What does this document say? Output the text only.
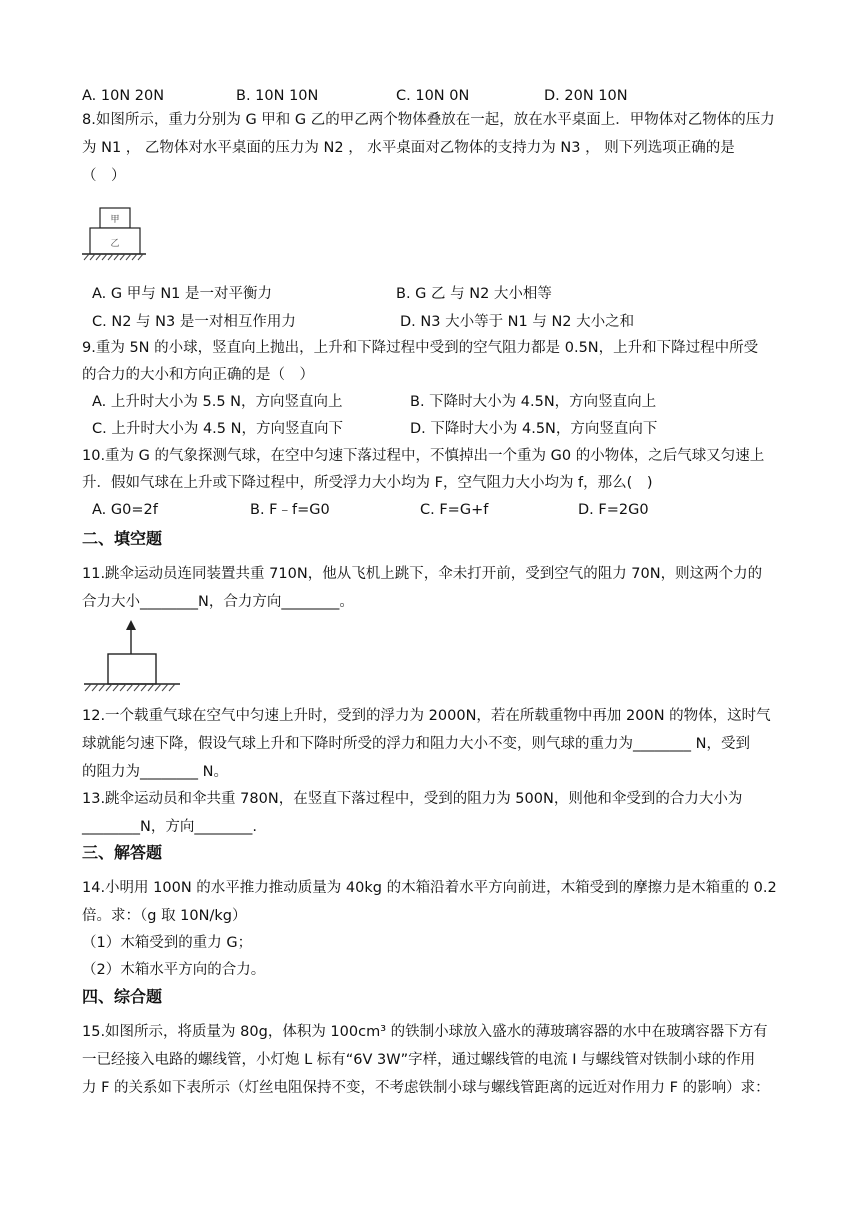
A. 10N 20N	B. 10N 10N	C. 10N 0N	D. 20N 10N
8.如图所示，重力分别为 G 甲和 G 乙的甲乙两个物体叠放在一起，放在水平桌面上．甲物体对乙物体的压力
为 N1 ， 乙物体对水平桌面的压力为 N2 ， 水平桌面对乙物体的支持力为 N3 ， 则下列选项正确的是
（　）
甲
乙
A. G 甲与 N1 是一对平衡力	B. G 乙 与 N2 大小相等
C. N2 与 N3 是一对相互作用力	D. N3 大小等于 N1 与 N2 大小之和
9.重为 5N 的小球，竖直向上抛出，上升和下降过程中受到的空气阻力都是 0.5N，上升和下降过程中所受
的合力的大小和方向正确的是（　）
A. 上升时大小为 5.5 N，方向竖直向上	B. 下降时大小为 4.5N，方向竖直向上
C. 上升时大小为 4.5 N，方向竖直向下	D. 下降时大小为 4.5N，方向竖直向下
10.重为 G 的气象探测气球，在空中匀速下落过程中，不慎掉出一个重为 G0 的小物体，之后气球又匀速上
升．假如气球在上升或下降过程中，所受浮力大小均为 F，空气阻力大小均为 f，那么(　)
A. G0=2f	B. F﹣f=G0	C. F=G+f	D. F=2G0
二、填空题
11.跳伞运动员连同装置共重 710N，他从飞机上跳下，伞未打开前，受到空气的阻力 70N，则这两个力的
合力大小________N，合力方向________。
12.一个载重气球在空气中匀速上升时，受到的浮力为 2000N，若在所载重物中再加 200N 的物体，这时气
球就能匀速下降，假设气球上升和下降时所受的浮力和阻力大小不变，则气球的重力为________ N，受到
的阻力为________ N。
13.跳伞运动员和伞共重 780N，在竖直下落过程中，受到的阻力为 500N，则他和伞受到的合力大小为
________N，方向________.
三、解答题
14.小明用 100N 的水平推力推动质量为 40kg 的木箱沿着水平方向前进，木箱受到的摩擦力是木箱重的 0.2
倍。求：（g 取 10N/kg）
（1）木箱受到的重力 G；
（2）木箱水平方向的合力。
四、综合题
15.如图所示，将质量为 80g，体积为 100cm³ 的铁制小球放入盛水的薄玻璃容器的水中在玻璃容器下方有
一已经接入电路的螺线管，小灯炮 L 标有“6V 3W”字样，通过螺线管的电流 I 与螺线管对铁制小球的作用
力 F 的关系如下表所示（灯丝电阻保持不变，不考虑铁制小球与螺线管距离的远近对作用力 F 的影响）求：
